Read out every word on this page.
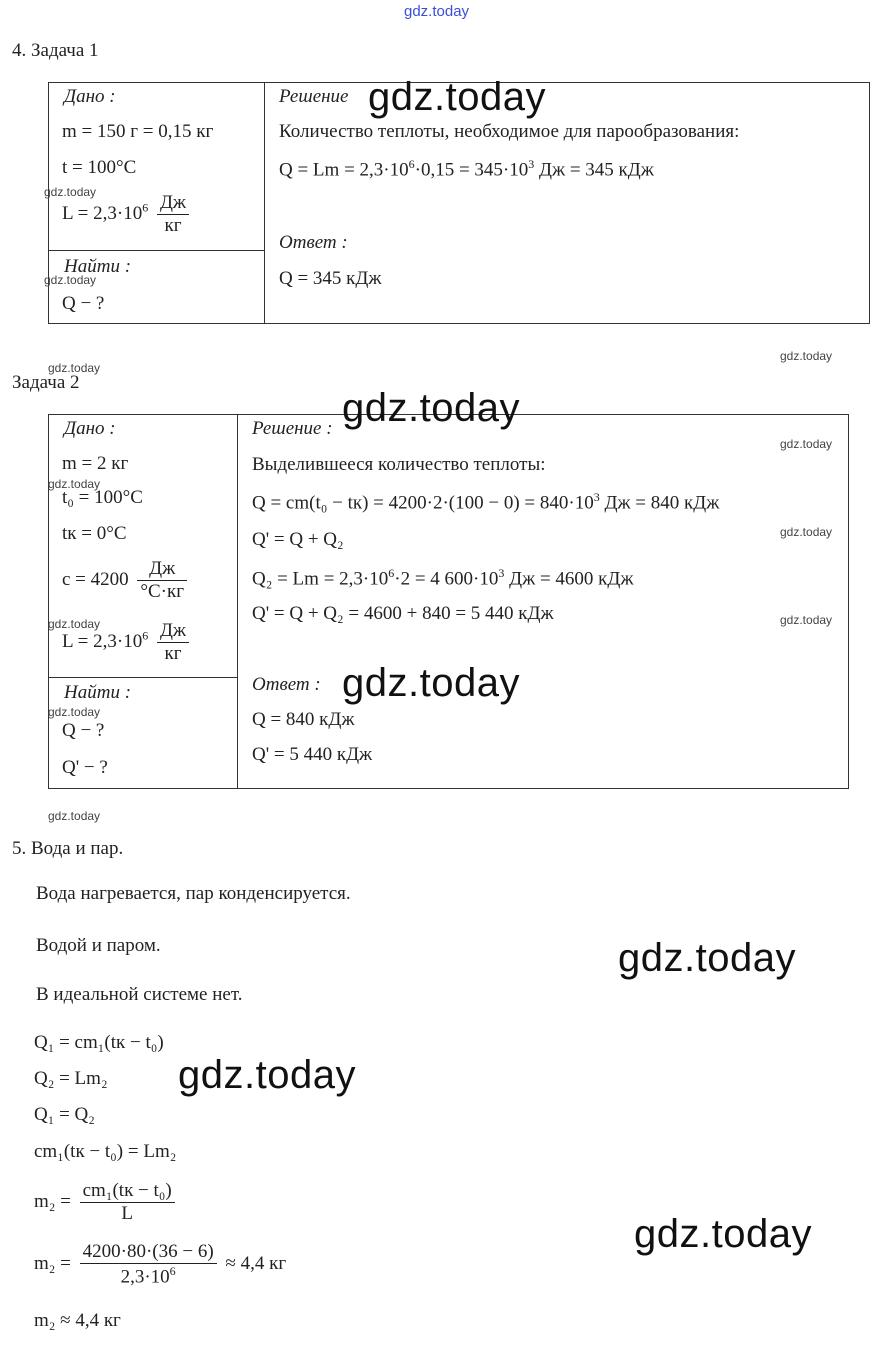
gdz.today
4. Задача 1
Дано :
m = 150 г = 0,15 кг
t = 100°C
$L = 2,3\cdot 10^6 \frac{Дж}{кг}$
Найти :
Q − ?
Решение
Количество теплоты, необходимое для парообразования:
$Q = Lm = 2,3\cdot 10^6\cdot 0,15 = 345\cdot 10^3$ Дж = 345 кДж
Ответ :
Q = 345 кДж
gdz.today
gdz.today
gdz.today
gdz.today
gdz.today
Задача 2
Дано :
m = 2 кг
t₀ = 100°C
tк = 0°C
$c = 4200 \frac{Дж}{^\circ C\cdot кг}$
$L = 2,3\cdot 10^6 \frac{Дж}{кг}$
Найти :
Q − ?
Q' − ?
Решение :
Выделившееся количество теплоты:
$Q = cm(t_0 - tк) = 4200\cdot 2\cdot(100 - 0) = 840\cdot 10^3$ Дж = 840 кДж
Q' = Q + Q₂
$Q_2 = Lm = 2,3\cdot 10^6\cdot 2 = 4$ $600\cdot 10^3$ Дж = 4600 кДж
Q' = Q + Q₂ = 4600 + 840 = 5 440 кДж
Ответ :
Q = 840 кДж
Q' = 5 440 кДж
gdz.today
gdz.today
gdz.today
gdz.today
gdz.today
gdz.today	gdz.today
gdz.today
gdz.today
5. Вода и пар.
Вода нагревается, пар конденсируется.
Водой и паром.
В идеальной системе нет.
Q₁ = cm₁(tк − t₀)
Q₂ = Lm₂
Q₁ = Q₂
cm₁(tк − t₀) = Lm₂
$m_2 = \frac{\text{cm₁(tк − t₀)}}{L}$
$m_2 = \frac{4200\cdot 80\cdot(36 - 6)}{2,3\cdot 10^6} \approx 4,4$ кг
m₂ ≈ 4,4 кг
gdz.today
gdz.today
gdz.today
